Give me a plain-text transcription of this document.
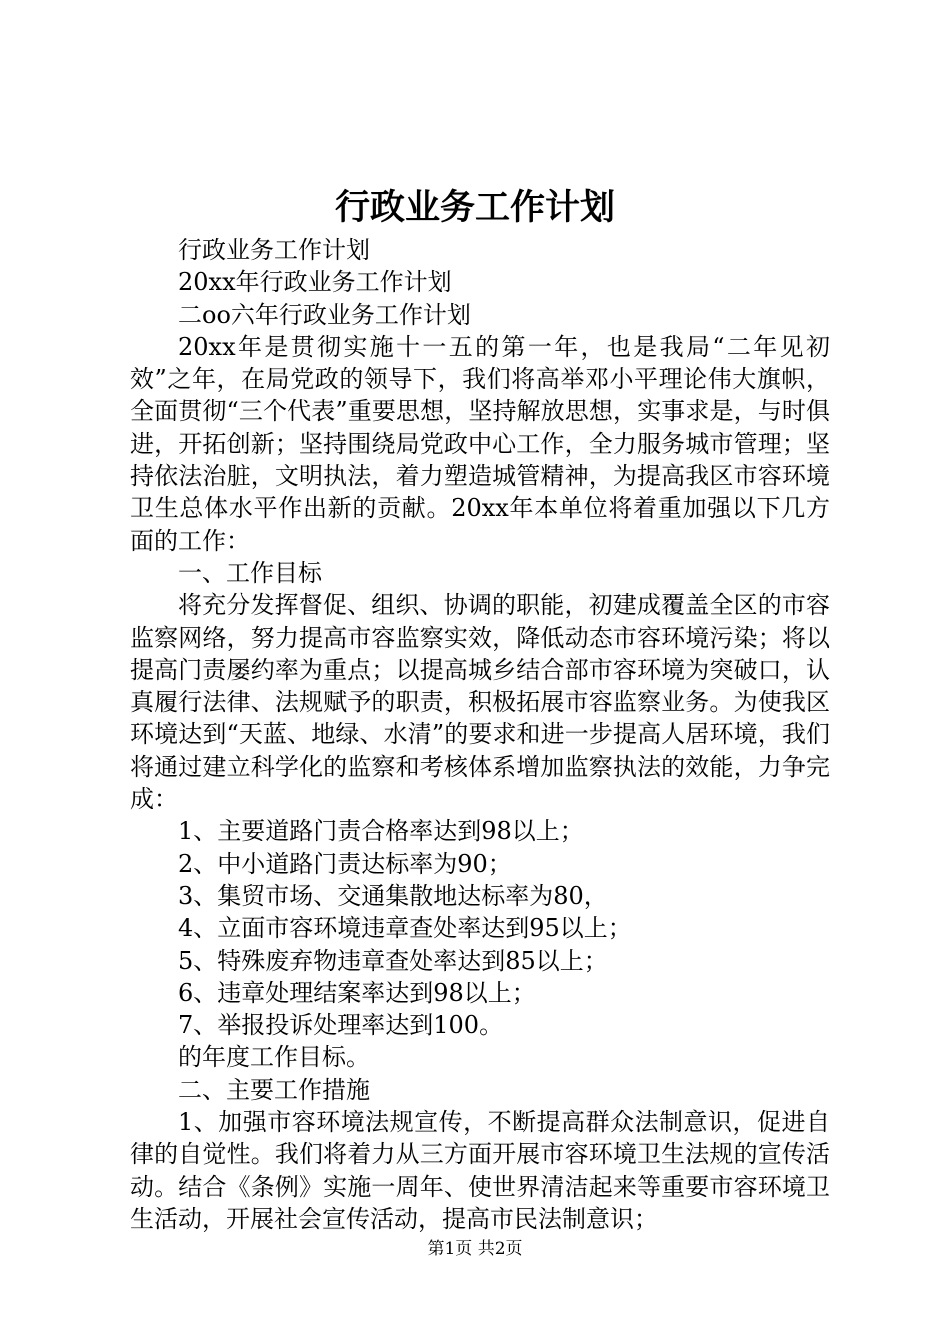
行政业务工作计划

行政业务工作计划

20xx年行政业务工作计划

二oo六年行政业务工作计划

20xx年是贯彻实施十一五的第一年，也是我局“二年见初效”之年，在局党政的领导下，我们将高举邓小平理论伟大旗帜，全面贯彻“三个代表”重要思想，坚持解放思想，实事求是，与时俱进，开拓创新；坚持围绕局党政中心工作，全力服务城市管理；坚持依法治脏，文明执法，着力塑造城管精神，为提高我区市容环境卫生总体水平作出新的贡献。20xx年本单位将着重加强以下几方面的工作：

一、工作目标

将充分发挥督促、组织、协调的职能，初建成覆盖全区的市容监察网络，努力提高市容监察实效，降低动态市容环境污染；将以提高门责屡约率为重点；以提高城乡结合部市容环境为突破口，认真履行法律、法规赋予的职责，积极拓展市容监察业务。为使我区环境达到“天蓝、地绿、水清”的要求和进一步提高人居环境，我们将通过建立科学化的监察和考核体系增加监察执法的效能，力争完成：

1、主要道路门责合格率达到98以上；

2、中小道路门责达标率为90；

3、集贸市场、交通集散地达标率为80，

4、立面市容环境违章查处率达到95以上；

5、特殊废弃物违章查处率达到85以上；

6、违章处理结案率达到98以上；

7、举报投诉处理率达到100。

的年度工作目标。

二、主要工作措施

1、加强市容环境法规宣传，不断提高群众法制意识，促进自律的自觉性。我们将着力从三方面开展市容环境卫生法规的宣传活动。结合《条例》实施一周年、使世界清洁起来等重要市容环境卫生活动，开展社会宣传活动，提高市民法制意识；

第1页 共2页
